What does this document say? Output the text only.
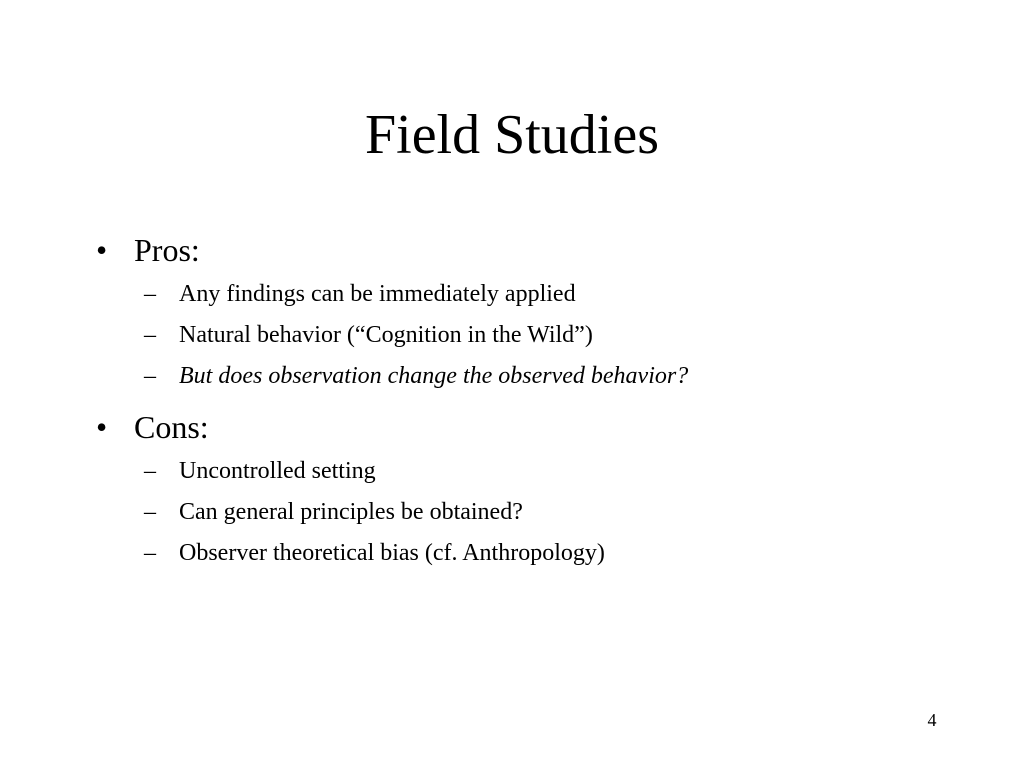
Field Studies
• Pros:
– Any findings can be immediately applied
– Natural behavior (“Cognition in the Wild”)
– But does observation change the observed behavior?
• Cons:
– Uncontrolled setting
– Can general principles be obtained?
– Observer theoretical bias (cf. Anthropology)
4
